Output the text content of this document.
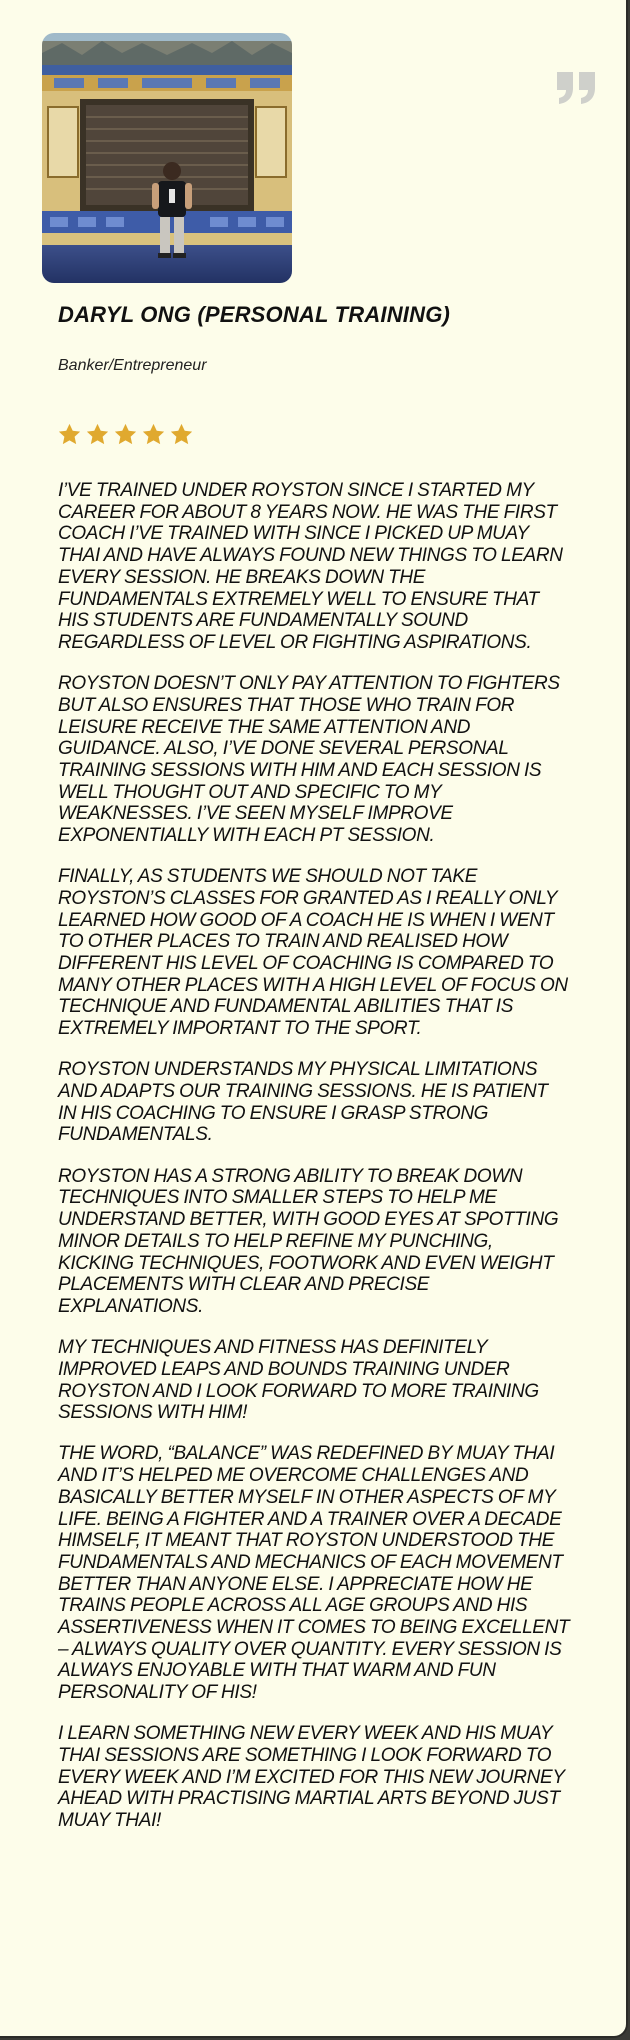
DARYL ONG (PERSONAL TRAINING)

Banker/Entrepreneur

I’VE TRAINED UNDER ROYSTON SINCE I STARTED MY CAREER FOR ABOUT 8 YEARS NOW. HE WAS THE FIRST COACH I’VE TRAINED WITH SINCE I PICKED UP MUAY THAI AND HAVE ALWAYS FOUND NEW THINGS TO LEARN EVERY SESSION. HE BREAKS DOWN THE FUNDAMENTALS EXTREMELY WELL TO ENSURE THAT HIS STUDENTS ARE FUNDAMENTALLY SOUND REGARDLESS OF LEVEL OR FIGHTING ASPIRATIONS.

ROYSTON DOESN’T ONLY PAY ATTENTION TO FIGHTERS BUT ALSO ENSURES THAT THOSE WHO TRAIN FOR LEISURE RECEIVE THE SAME ATTENTION AND GUIDANCE. ALSO, I’VE DONE SEVERAL PERSONAL TRAINING SESSIONS WITH HIM AND EACH SESSION IS WELL THOUGHT OUT AND SPECIFIC TO MY WEAKNESSES. I’VE SEEN MYSELF IMPROVE EXPONENTIALLY WITH EACH PT SESSION.

FINALLY, AS STUDENTS WE SHOULD NOT TAKE ROYSTON’S CLASSES FOR GRANTED AS I REALLY ONLY LEARNED HOW GOOD OF A COACH HE IS WHEN I WENT TO OTHER PLACES TO TRAIN AND REALISED HOW DIFFERENT HIS LEVEL OF COACHING IS COMPARED TO MANY OTHER PLACES WITH A HIGH LEVEL OF FOCUS ON TECHNIQUE AND FUNDAMENTAL ABILITIES THAT IS EXTREMELY IMPORTANT TO THE SPORT.

ROYSTON UNDERSTANDS MY PHYSICAL LIMITATIONS AND ADAPTS OUR TRAINING SESSIONS. HE IS PATIENT IN HIS COACHING TO ENSURE I GRASP STRONG FUNDAMENTALS.

ROYSTON HAS A STRONG ABILITY TO BREAK DOWN TECHNIQUES INTO SMALLER STEPS TO HELP ME UNDERSTAND BETTER, WITH GOOD EYES AT SPOTTING MINOR DETAILS TO HELP REFINE MY PUNCHING, KICKING TECHNIQUES, FOOTWORK AND EVEN WEIGHT PLACEMENTS WITH CLEAR AND PRECISE EXPLANATIONS.

MY TECHNIQUES AND FITNESS HAS DEFINITELY IMPROVED LEAPS AND BOUNDS TRAINING UNDER ROYSTON AND I LOOK FORWARD TO MORE TRAINING SESSIONS WITH HIM!

THE WORD, “BALANCE” WAS REDEFINED BY MUAY THAI AND IT’S HELPED ME OVERCOME CHALLENGES AND BASICALLY BETTER MYSELF IN OTHER ASPECTS OF MY LIFE. BEING A FIGHTER AND A TRAINER OVER A DECADE HIMSELF, IT MEANT THAT ROYSTON UNDERSTOOD THE FUNDAMENTALS AND MECHANICS OF EACH MOVEMENT BETTER THAN ANYONE ELSE. I APPRECIATE HOW HE TRAINS PEOPLE ACROSS ALL AGE GROUPS AND HIS ASSERTIVENESS WHEN IT COMES TO BEING EXCELLENT – ALWAYS QUALITY OVER QUANTITY. EVERY SESSION IS ALWAYS ENJOYABLE WITH THAT WARM AND FUN PERSONALITY OF HIS!

I LEARN SOMETHING NEW EVERY WEEK AND HIS MUAY THAI SESSIONS ARE SOMETHING I LOOK FORWARD TO EVERY WEEK AND I’M EXCITED FOR THIS NEW JOURNEY AHEAD WITH PRACTISING MARTIAL ARTS BEYOND JUST MUAY THAI!
